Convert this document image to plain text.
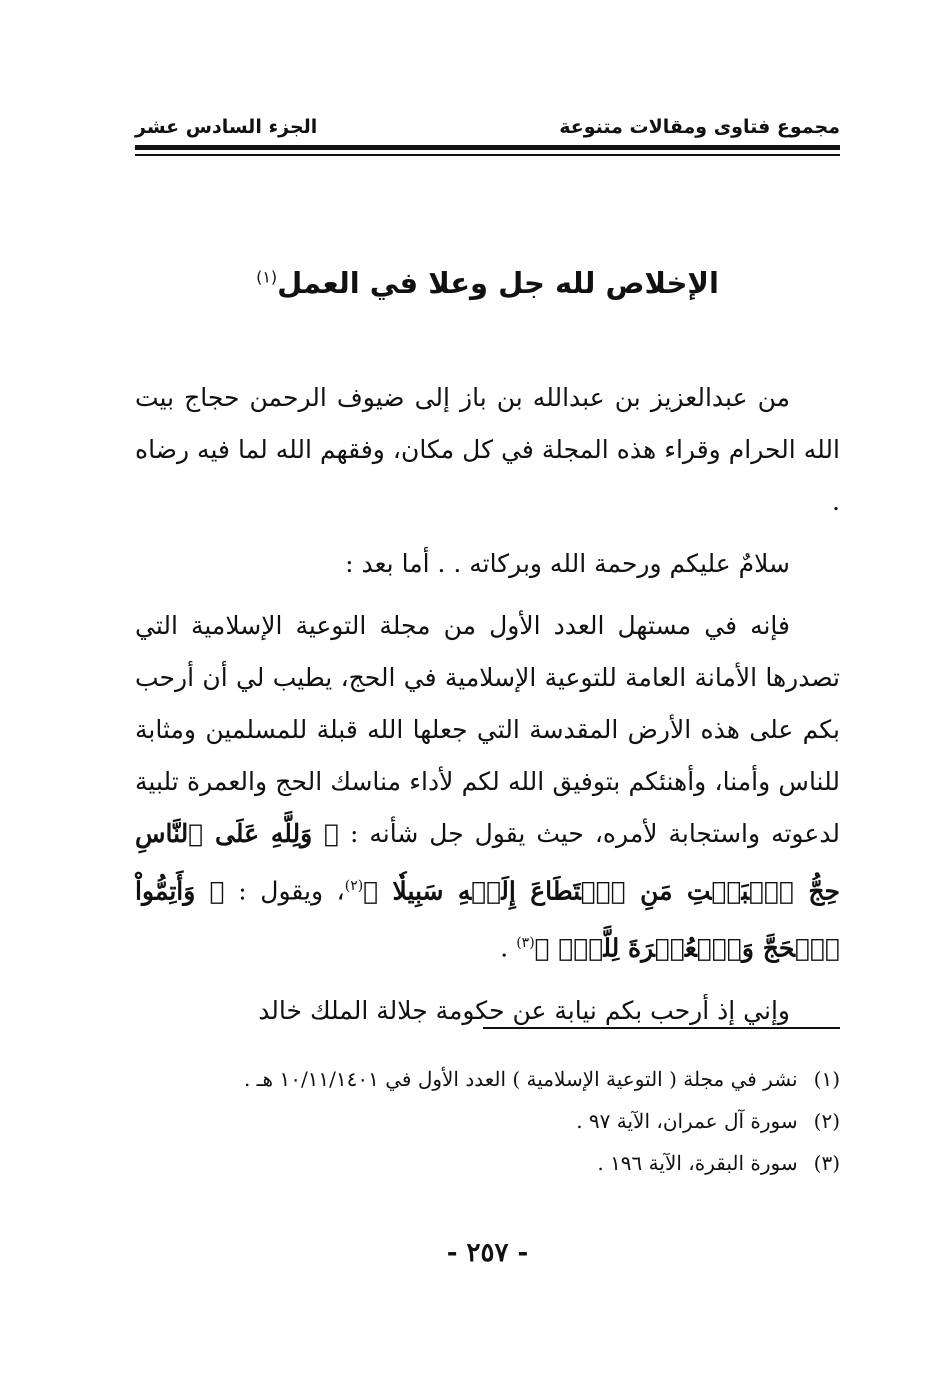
مجموع فتاوى ومقالات متنوعة
الجزء السادس عشر
الإخلاص لله جل وعلا في العمل$^{(١)}$

من عبدالعزيز بن عبدالله بن باز إلى ضيوف الرحمن حجاج بيت الله الحرام وقراء هذه المجلة في كل مكان، وفقهم الله لما فيه رضاه .

سلامٌ عليكم ورحمة الله وبركاته . . أما بعد :

فإنه في مستهل العدد الأول من مجلة التوعية الإسلامية التي تصدرها الأمانة العامة للتوعية الإسلامية في الحج، يطيب لي أن أرحب بكم على هذه الأرض المقدسة التي جعلها الله قبلة للمسلمين ومثابة للناس وأمنا، وأهنئكم بتوفيق الله لكم لأداء مناسك الحج والعمرة تلبية لدعوته واستجابة لأمره، حيث يقول جل شأنه : ﴿ وَلِلَّهِ عَلَى ٱلنَّاسِ حِجُّ ٱلۡبَيۡتِ مَنِ ٱسۡتَطَاعَ إِلَيۡهِ سَبِيلٗا ﴾$^{(٢)}$، ويقول : ﴿ وَأَتِمُّواْ ٱلۡحَجَّ وَٱلۡعُمۡرَةَ لِلَّهِۚ ﴾$^{(٣)}$ .

وإني إذ أرحب بكم نيابة عن حكومة جلالة الملك خالد

(١)
نشر في مجلة ( التوعية الإسلامية ) العدد الأول في ١٠/١١/١٤٠١ هـ .
(٢)
سورة آل عمران، الآية ٩٧ .
(٣)
سورة البقرة، الآية ١٩٦ .
- ٢٥٧ -
